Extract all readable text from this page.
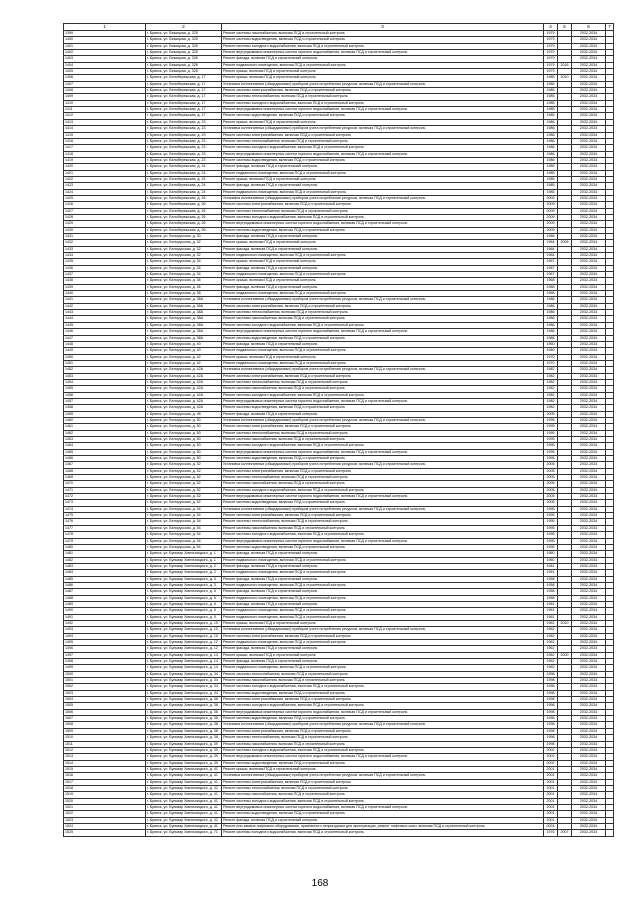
1	2	3	4	5	6	7
1399	г. Брянск, ул. Бежицкая, д. 325	Ремонт системы газоснабжения, включая ПСД и строительный контроль	1979		2032-2034	
1400	г. Брянск, ул. Бежицкая, д. 325	Ремонт системы водоотведения, включая ПСД и строительный контроль	1979		2032-2034	
1401	г. Брянск, ул. Бежицкая, д. 325	Ремонт системы холодного водоснабжения, включая ПСД и строительный контроль	1979		2032-2034	
1402	г. Брянск, ул. Бежицкая, д. 325	Ремонт внутридомовых инженерных систем горячего водоснабжения, включая ПСД и строительный контроль	1979		2032-2034	
1403	г. Брянск, ул. Бежицкая, д. 326	Ремонт фасада, включая ПСД и строительный контроль	1979		2032-2034	
1404	г. Брянск, ул. Бежицкая, д. 326	Ремонт подвального помещения, включая ПСД и строительный контроль	1979	2016	2032-2034	
1405	г. Брянск, ул. Бежицкая, д. 326	Ремонт крыши, включая ПСД и строительный контроль	1979		2032-2034	
1406	г. Брянск, ул. Белобережская, д. 17	Ремонт крыши, включая ПСД и строительный контроль	1985	2010	2032-2034	
1407	г. Брянск, ул. Белобережская, д. 17	Установка коллективных (общедомовых) приборов учета потребления ресурсов, включая ПСД и строительный контроль	1985		2032-2034	
1408	г. Брянск, ул. Белобережская, д. 17	Ремонт системы электроснабжения, включая ПСД и строительный контроль	1985		2032-2034	
1409	г. Брянск, ул. Белобережская, д. 17	Ремонт системы теплоснабжения, включая ПСД и строительный контроль	1985		2032-2034	
1410	г. Брянск, ул. Белобережская, д. 17	Ремонт системы холодного водоснабжения, включая ПСД и строительный контроль	1985		2032-2034	
1411	г. Брянск, ул. Белобережская, д. 17	Ремонт внутридомовых инженерных систем горячего водоснабжения, включая ПСД и строительный контроль	1985		2032-2034	
1412	г. Брянск, ул. Белобережская, д. 17	Ремонт системы водоотведения, включая ПСД и строительный контроль	1985		2032-2034	
1413	г. Брянск, ул. Белобережская, д. 23	Ремонт крыши, включая ПСД и строительный контроль	1986		2032-2034	
1414	г. Брянск, ул. Белобережская, д. 23	Установка коллективных (общедомовых) приборов учета потребления ресурсов, включая ПСД и строительный контроль	1986		2032-2034	
1415	г. Брянск, ул. Белобережская, д. 23	Ремонт системы электроснабжения, включая ПСД и строительный контроль	1986		2032-2034	
1416	г. Брянск, ул. Белобережская, д. 23	Ремонт системы теплоснабжения, включая ПСД и строительный контроль	1986		2032-2034	
1417	г. Брянск, ул. Белобережская, д. 23	Ремонт системы холодного водоснабжения, включая ПСД и строительный контроль	1986		2032-2034	
1418	г. Брянск, ул. Белобережская, д. 23	Ремонт внутридомовых инженерных систем горячего водоснабжения, включая ПСД и строительный контроль	1986		2032-2034	
1419	г. Брянск, ул. Белобережская, д. 23	Ремонт системы водоотведения, включая ПСД и строительный контроль	1986		2032-2034	
1420	г. Брянск, ул. Белобережская, д. 24	Ремонт фасада, включая ПСД и строительный контроль	1985		2032-2034	
1421	г. Брянск, ул. Белобережская, д. 24	Ремонт подвального помещения, включая ПСД и строительный контроль	1985		2032-2034	
1422	г. Брянск, ул. Белобережская, д. 24	Ремонт крыши, включая ПСД и строительный контроль	1985		2032-2034	
1423	г. Брянск, ул. Белобережская, д. 24	Ремонт фасада, включая ПСД и строительный контроль	1985		2032-2034	
1424	г. Брянск, ул. Белобережская, д. 24	Ремонт подвального помещения, включая ПСД и строительный контроль	1985		2032-2034	
1425	г. Брянск, ул. Белобережская, д. 26	Установка коллективных (общедомовых) приборов учета потребления ресурсов, включая ПСД и строительный контроль	2009		2032-2034	
1426	г. Брянск, ул. Белобережская, д. 26	Ремонт системы электроснабжения, включая ПСД и строительный контроль	2009		2032-2034	
1427	г. Брянск, ул. Белобережская, д. 26	Ремонт системы теплоснабжения, включая ПСД и строительный контроль	2009		2032-2034	
1428	г. Брянск, ул. Белобережская, д. 26	Ремонт системы холодного водоснабжения, включая ПСД и строительный контроль	2009		2032-2034	
1429	г. Брянск, ул. Белобережская, д. 26	Ремонт внутридомовых инженерных систем горячего водоснабжения, включая ПСД и строительный контроль	2009		2032-2034	
1430	г. Брянск, ул. Белобережская, д. 26	Ремонт системы водоотведения, включая ПСД и строительный контроль	2009		2032-2034	
1431	г. Брянск, ул. Белорусская, д. 30	Ремонт фасада, включая ПСД и строительный контроль	1968		2032-2034	
1432	г. Брянск, ул. Белорусская, д. 32	Ремонт крыши, включая ПСД и строительный контроль	1964	2005	2032-2034	
1433	г. Брянск, ул. Белорусская, д. 32	Ремонт фасада, включая ПСД и строительный контроль	1964		2032-2034	
1434	г. Брянск, ул. Белорусская, д. 32	Ремонт подвального помещения, включая ПСД и строительный контроль	1964		2032-2034	
1435	г. Брянск, ул. Белорусская, д. 34	Ремонт крыши, включая ПСД и строительный контроль	1967		2032-2034	
1436	г. Брянск, ул. Белорусская, д. 34	Ремонт фасада, включая ПСД и строительный контроль	1967		2032-2034	
1437	г. Брянск, ул. Белорусская, д. 34	Ремонт подвального помещения, включая ПСД и строительный контроль	1967		2032-2034	
1438	г. Брянск, ул. Белорусская, д. 36	Ремонт крыши, включая ПСД и строительный контроль	1968		2032-2034	
1439	г. Брянск, ул. Белорусская, д. 36	Ремонт фасада, включая ПСД и строительный контроль	1968		2032-2034	
1440	г. Брянск, ул. Белорусская, д. 36	Ремонт подвального помещения, включая ПСД и строительный контроль	1968		2032-2034	
1441	г. Брянск, ул. Белорусская, д. 38А	Установка коллективных (общедомовых) приборов учета потребления ресурсов, включая ПСД и строительный контроль	1986		2032-2034	
1442	г. Брянск, ул. Белорусская, д. 38А	Ремонт системы электроснабжения, включая ПСД и строительный контроль	1986		2032-2034	
1443	г. Брянск, ул. Белорусская, д. 38А	Ремонт системы теплоснабжения, включая ПСД и строительный контроль	1986		2032-2034	
1444	г. Брянск, ул. Белорусская, д. 38А	Ремонт системы газоснабжения, включая ПСД и строительный контроль	1986		2032-2034	
1445	г. Брянск, ул. Белорусская, д. 38А	Ремонт системы холодного водоснабжения, включая ПСД и строительный контроль	1986		2032-2034	
1446	г. Брянск, ул. Белорусская, д. 38А	Ремонт внутридомовых инженерных систем горячего водоснабжения, включая ПСД и строительный контроль	1986		2032-2034	
1447	г. Брянск, ул. Белорусская, д. 38А	Ремонт системы водоотведения, включая ПСД и строительный контроль	1986		2032-2034	
1448	г. Брянск, ул. Белорусская, д. 40	Ремонт фасада, включая ПСД и строительный контроль	1960		2032-2034	
1449	г. Брянск, ул. Белорусская, д. 40	Ремонт подвального помещения, включая ПСД и строительный контроль	1960		2032-2034	
1450	г. Брянск, ул. Белорусская, д. 42	Ремонт крыши, включая ПСД и строительный контроль	1970		2032-2034	
1451	г. Брянск, ул. Белорусская, д. 42	Ремонт подвального помещения, включая ПСД и строительный контроль	1970		2032-2034	
1452	г. Брянск, ул. Белорусская, д. 42А	Установка коллективных (общедомовых) приборов учета потребления ресурсов, включая ПСД и строительный контроль	1982		2032-2034	
1453	г. Брянск, ул. Белорусская, д. 42А	Ремонт системы электроснабжения, включая ПСД и строительный контроль	1982		2032-2034	
1454	г. Брянск, ул. Белорусская, д. 42А	Ремонт системы теплоснабжения, включая ПСД и строительный контроль	1982		2032-2034	
1455	г. Брянск, ул. Белорусская, д. 42А	Ремонт системы газоснабжения, включая ПСД и строительный контроль	1982		2032-2034	
1456	г. Брянск, ул. Белорусская, д. 42А	Ремонт системы холодного водоснабжения, включая ПСД и строительный контроль	1982		2032-2034	
1457	г. Брянск, ул. Белорусская, д. 42А	Ремонт внутридомовых инженерных систем горячего водоснабжения, включая ПСД и строительный контроль	1982		2032-2034	
1458	г. Брянск, ул. Белорусская, д. 42А	Ремонт системы водоотведения, включая ПСД и строительный контроль	1982		2032-2034	
1459	г. Брянск, ул. Белорусская, д. 48	Ремонт фасада, включая ПСД и строительный контроль	2005		2032-2034	
1460	г. Брянск, ул. Белорусская, д. 50	Установка коллективных (общедомовых) приборов учета потребления ресурсов, включая ПСД и строительный контроль	1995		2032-2034	
1461	г. Брянск, ул. Белорусская, д. 50	Ремонт системы электроснабжения, включая ПСД и строительный контроль	1995		2032-2034	
1462	г. Брянск, ул. Белорусская, д. 50	Ремонт системы теплоснабжения, включая ПСД и строительный контроль	1995		2032-2034	
1463	г. Брянск, ул. Белорусская, д. 50	Ремонт системы газоснабжения, включая ПСД и строительный контроль	1995		2032-2034	
1464	г. Брянск, ул. Белорусская, д. 50	Ремонт системы холодного водоснабжения, включая ПСД и строительный контроль	1995		2032-2034	
1465	г. Брянск, ул. Белорусская, д. 50	Ремонт внутридомовых инженерных систем горячего водоснабжения, включая ПСД и строительный контроль	1995		2032-2034	
1466	г. Брянск, ул. Белорусская, д. 50	Ремонт системы водоотведения, включая ПСД и строительный контроль	1995		2032-2034	
1467	г. Брянск, ул. Белорусская, д. 52	Установка коллективных (общедомовых) приборов учета потребления ресурсов, включая ПСД и строительный контроль	2005		2032-2034	
1468	г. Брянск, ул. Белорусская, д. 52	Ремонт системы электроснабжения, включая ПСД и строительный контроль	2005		2032-2034	
1469	г. Брянск, ул. Белорусская, д. 52	Ремонт системы теплоснабжения, включая ПСД и строительный контроль	2005		2032-2034	
1470	г. Брянск, ул. Белорусская, д. 52	Ремонт системы газоснабжения, включая ПСД и строительный контроль	2005		2032-2034	
1471	г. Брянск, ул. Белорусская, д. 52	Ремонт системы холодного водоснабжения, включая ПСД и строительный контроль	2005		2032-2034	
1472	г. Брянск, ул. Белорусская, д. 52	Ремонт внутридомовых инженерных систем горячего водоснабжения, включая ПСД и строительный контроль	2005		2032-2034	
1473	г. Брянск, ул. Белорусская, д. 52	Ремонт системы водоотведения, включая ПСД и строительный контроль	2005		2032-2034	
1474	г. Брянск, ул. Белорусская, д. 54	Установка коллективных (общедомовых) приборов учета потребления ресурсов, включая ПСД и строительный контроль	1995		2032-2034	
1475	г. Брянск, ул. Белорусская, д. 54	Ремонт системы электроснабжения, включая ПСД и строительный контроль	1995		2032-2034	
1476	г. Брянск, ул. Белорусская, д. 54	Ремонт системы теплоснабжения, включая ПСД и строительный контроль	1995		2032-2034	
1477	г. Брянск, ул. Белорусская, д. 54	Ремонт системы газоснабжения, включая ПСД и строительный контроль	1995		2032-2034	
1478	г. Брянск, ул. Белорусская, д. 54	Ремонт системы холодного водоснабжения, включая ПСД и строительный контроль	1995		2032-2034	
1479	г. Брянск, ул. Белорусская, д. 54	Ремонт внутридомовых инженерных систем горячего водоснабжения, включая ПСД и строительный контроль	1995		2032-2034	
1480	г. Брянск, ул. Белорусская, д. 54	Ремонт системы водоотведения, включая ПСД и строительный контроль	1995		2032-2034	
1481	г. Брянск, ул. Бульвар Хмельницкого, д. 1	Ремонт фасада, включая ПСД и строительный контроль	1960		2032-2034	
1482	г. Брянск, ул. Бульвар Хмельницкого, д. 1	Ремонт подвального помещения, включая ПСД и строительный контроль	1960		2032-2034	
1483	г. Брянск, ул. Бульвар Хмельницкого, д. 2	Ремонт фасада, включая ПСД и строительный контроль	1961		2032-2034	
1484	г. Брянск, ул. Бульвар Хмельницкого, д. 2	Ремонт подвального помещения, включая ПСД и строительный контроль	1961		2032-2034	
1485	г. Брянск, ул. Бульвар Хмельницкого, д. 3	Ремонт фасада, включая ПСД и строительный контроль	1958		2032-2034	
1486	г. Брянск, ул. Бульвар Хмельницкого, д. 3	Ремонт подвального помещения, включая ПСД и строительный контроль	1958		2032-2034	
1487	г. Брянск, ул. Бульвар Хмельницкого, д. 5	Ремонт фасада, включая ПСД и строительный контроль	1958		2032-2034	
1488	г. Брянск, ул. Бульвар Хмельницкого, д. 5	Ремонт подвального помещения, включая ПСД и строительный контроль	1958		2032-2034	
1489	г. Брянск, ул. Бульвар Хмельницкого, д. 6	Ремонт фасада, включая ПСД и строительный контроль	1961		2032-2034	
1490	г. Брянск, ул. Бульвар Хмельницкого, д. 6	Ремонт подвального помещения, включая ПСД и строительный контроль	1961		2032-2034	
1491	г. Брянск, ул. Бульвар Хмельницкого, д. 9	Ремонт подвального помещения, включая ПСД и строительный контроль	1961		2032-2034	
1492	г. Брянск, ул. Бульвар Хмельницкого, д. 10	Ремонт крыши, включая ПСД и строительный контроль	1962	2010	2032-2034	
1493	г. Брянск, ул. Бульвар Хмельницкого, д. 10	Установка коллективных (общедомовых) приборов учета потребления ресурсов, включая ПСД и строительный контроль	1962		2032-2034	
1494	г. Брянск, ул. Бульвар Хмельницкого, д. 10	Ремонт системы электроснабжения, включая ПСД и строительный контроль	1962		2032-2034	
1495	г. Брянск, ул. Бульвар Хмельницкого, д. 12	Ремонт подвального помещения, включая ПСД и строительный контроль	1962		2032-2034	
1496	г. Брянск, ул. Бульвар Хмельницкого, д. 12	Ремонт фасада, включая ПСД и строительный контроль	1962		2032-2034	
1497	г. Брянск, ул. Бульвар Хмельницкого, д. 14	Ремонт крыши, включая ПСД и строительный контроль	1962	2000	2032-2034	
1498	г. Брянск, ул. Бульвар Хмельницкого, д. 14	Ремонт фасада, включая ПСД и строительный контроль	1962		2032-2034	
1499	г. Брянск, ул. Бульвар Хмельницкого, д. 14	Ремонт подвального помещения, включая ПСД и строительный контроль	1962		2032-2034	
1500	г. Брянск, ул. Бульвар Хмельницкого, д. 34	Ремонт системы теплоснабжения, включая ПСД и строительный контроль	1998		2032-2034	
1501	г. Брянск, ул. Бульвар Хмельницкого, д. 34	Ремонт системы газоснабжения, включая ПСД и строительный контроль	1998		2032-2034	
1502	г. Брянск, ул. Бульвар Хмельницкого, д. 34	Ремонт системы холодного водоснабжения, включая ПСД и строительный контроль	1998		2032-2034	
1503	г. Брянск, ул. Бульвар Хмельницкого, д. 34	Ремонт системы водоотведения, включая ПСД и строительный контроль	1998		2032-2034	
1504	г. Брянск, ул. Бульвар Хмельницкого, д. 36	Ремонт системы электроснабжения, включая ПСД и строительный контроль	1998		2032-2034	
1505	г. Брянск, ул. Бульвар Хмельницкого, д. 36	Ремонт системы холодного водоснабжения, включая ПСД и строительный контроль	1998		2032-2034	
1506	г. Брянск, ул. Бульвар Хмельницкого, д. 36	Ремонт внутридомовых инженерных систем горячего водоснабжения, включая ПСД и строительный контроль	1998		2032-2034	
1507	г. Брянск, ул. Бульвар Хмельницкого, д. 36	Ремонт системы водоотведения, включая ПСД и строительный контроль	1998		2032-2034	
1508	г. Брянск, ул. Бульвар Хмельницкого, д. 38	Установка коллективных (общедомовых) приборов учета потребления ресурсов, включая ПСД и строительный контроль	1998		2032-2034	
1509	г. Брянск, ул. Бульвар Хмельницкого, д. 38	Ремонт системы электроснабжения, включая ПСД и строительный контроль	1998		2032-2034	
1510	г. Брянск, ул. Бульвар Хмельницкого, д. 38	Ремонт системы теплоснабжения, включая ПСД и строительный контроль	1998		2032-2034	
1511	г. Брянск, ул. Бульвар Хмельницкого, д. 39	Ремонт системы газоснабжения, включая ПСД и строительный контроль	1998		2032-2034	
1512	г. Брянск, ул. Бульвар Хмельницкого, д. 39	Ремонт системы холодного водоснабжения, включая ПСД и строительный контроль	2002		2032-2034	
1513	г. Брянск, ул. Бульвар Хмельницкого, д. 39	Ремонт внутридомовых инженерных систем горячего водоснабжения, включая ПСД и строительный контроль	2002		2032-2034	
1514	г. Брянск, ул. Бульвар Хмельницкого, д. 39	Ремонт системы водоотведения, включая ПСД и строительный контроль	2002		2032-2034	
1515	г. Брянск, ул. Бульвар Хмельницкого, д. 41	Ремонт крыши, включая ПСД и строительный контроль	2001		2032-2034	
1516	г. Брянск, ул. Бульвар Хмельницкого, д. 41	Установка коллективных (общедомовых) приборов учета потребления ресурсов, включая ПСД и строительный контроль	2001		2032-2034	
1517	г. Брянск, ул. Бульвар Хмельницкого, д. 41	Ремонт системы электроснабжения, включая ПСД и строительный контроль	2001		2032-2034	
1518	г. Брянск, ул. Бульвар Хмельницкого, д. 41	Ремонт системы теплоснабжения, включая ПСД и строительный контроль	2001		2032-2034	
1519	г. Брянск, ул. Бульвар Хмельницкого, д. 41	Ремонт системы газоснабжения, включая ПСД и строительный контроль	2001		2032-2034	
1520	г. Брянск, ул. Бульвар Хмельницкого, д. 41	Ремонт системы холодного водоснабжения, включая ПСД и строительный контроль	2001		2032-2034	
1521	г. Брянск, ул. Бульвар Хмельницкого, д. 41	Ремонт внутридомовых инженерных систем горячего водоснабжения, включая ПСД и строительный контроль	2001		2032-2034	
1522	г. Брянск, ул. Бульвар Хмельницкого, д. 41	Ремонт системы водоотведения, включая ПСД и строительный контроль	2001		2032-2034	
1523	г. Брянск, ул. Бульвар Хмельницкого, д. 41	Ремонт фасада, включая ПСД и строительный контроль	2001		2032-2034	
1524	г. Брянск, ул. Бульвар Хмельницкого, д. 41	Ремонт или замена лифтового оборудования, признанного непригодным для эксплуатации, ремонт лифтовых шахт, включая ПСД и строительный контроль	2001		2032-2034	
1525	г. Брянск, ул. Бульвар Хмельницкого, д. 71	Ремонт системы холодного водоснабжения, включая ПСД и строительный контроль	1976	2007	2032-2034	
168
